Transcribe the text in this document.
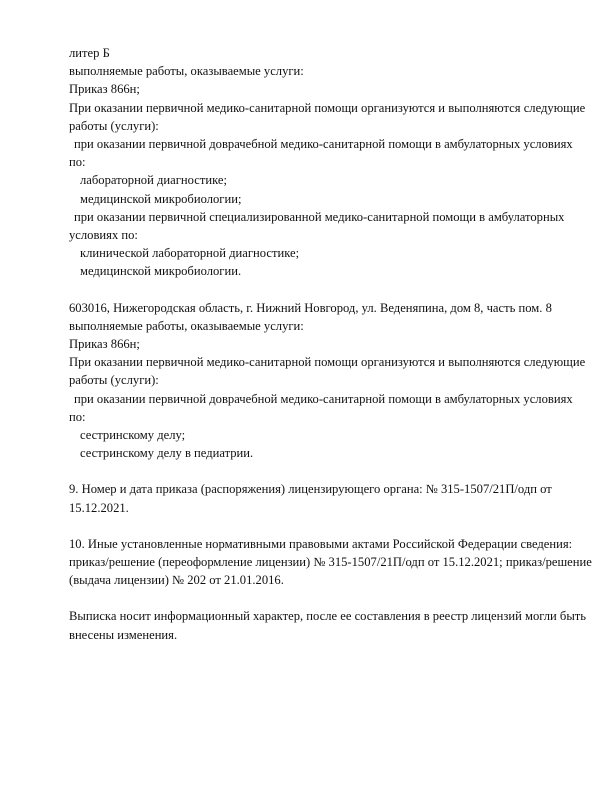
литер Б

выполняемые работы, оказываемые услуги:

Приказ 866н;

При оказании первичной медико-санитарной помощи организуются и выполняются следующие

работы (услуги):

при оказании первичной доврачебной медико-санитарной помощи в амбулаторных условиях

по:

лабораторной диагностике;

медицинской микробиологии;

при оказании первичной специализированной медико-санитарной помощи в амбулаторных

условиях по:

клинической лабораторной диагностике;

медицинской микробиологии.

603016, Нижегородская область, г. Нижний Новгород, ул. Веденяпина, дом 8, часть пом. 8

выполняемые работы, оказываемые услуги:

Приказ 866н;

При оказании первичной медико-санитарной помощи организуются и выполняются следующие

работы (услуги):

при оказании первичной доврачебной медико-санитарной помощи в амбулаторных условиях

по:

сестринскому делу;

сестринскому делу в педиатрии.

9. Номер и дата приказа (распоряжения) лицензирующего органа: № 315-1507/21П/одп от

15.12.2021.

10. Иные установленные нормативными правовыми актами Российской Федерации сведения:

приказ/решение (переоформление лицензии) № 315-1507/21П/одп от 15.12.2021; приказ/решение

(выдача лицензии) № 202 от 21.01.2016.

Выписка носит информационный характер, после ее составления в реестр лицензий могли быть

внесены изменения.
